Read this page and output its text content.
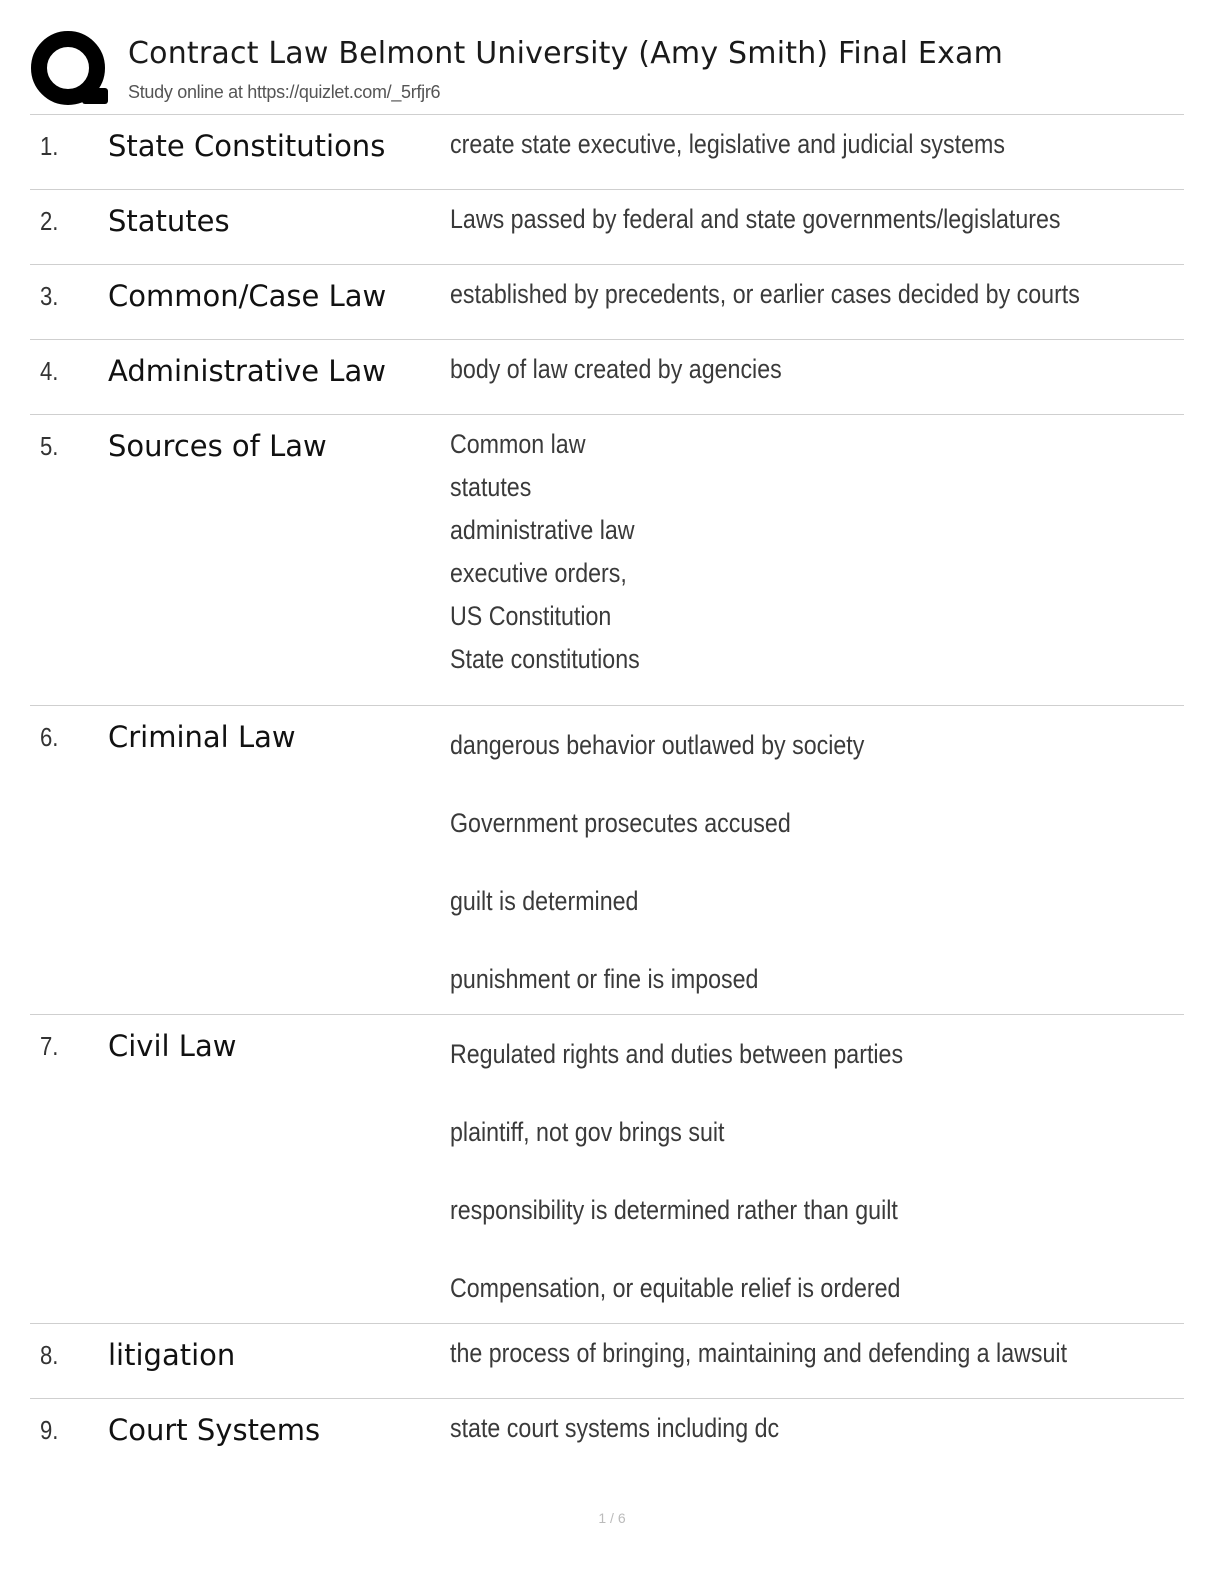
Contract Law Belmont University (Amy Smith) Final Exam
Study online at https://quizlet.com/_5rfjr6
1. State Constitutions	create state executive, legislative and judicial systems
2. Statutes	Laws passed by federal and state governments/legislatures
3. Common/Case Law	established by precedents, or earlier cases decided by courts
4. Administrative Law	body of law created by agencies
5. Sources of Law	Common law
statutes
administrative law
executive orders,
US Constitution
State constitutions
6. Criminal Law	dangerous behavior outlawed by society
Government prosecutes accused
guilt is determined
punishment or fine is imposed
7. Civil Law	Regulated rights and duties between parties
plaintiff, not gov brings suit
responsibility is determined rather than guilt
Compensation, or equitable relief is ordered
8. litigation	the process of bringing, maintaining and defending a lawsuit
9. Court Systems	state court systems including dc
1 / 6
